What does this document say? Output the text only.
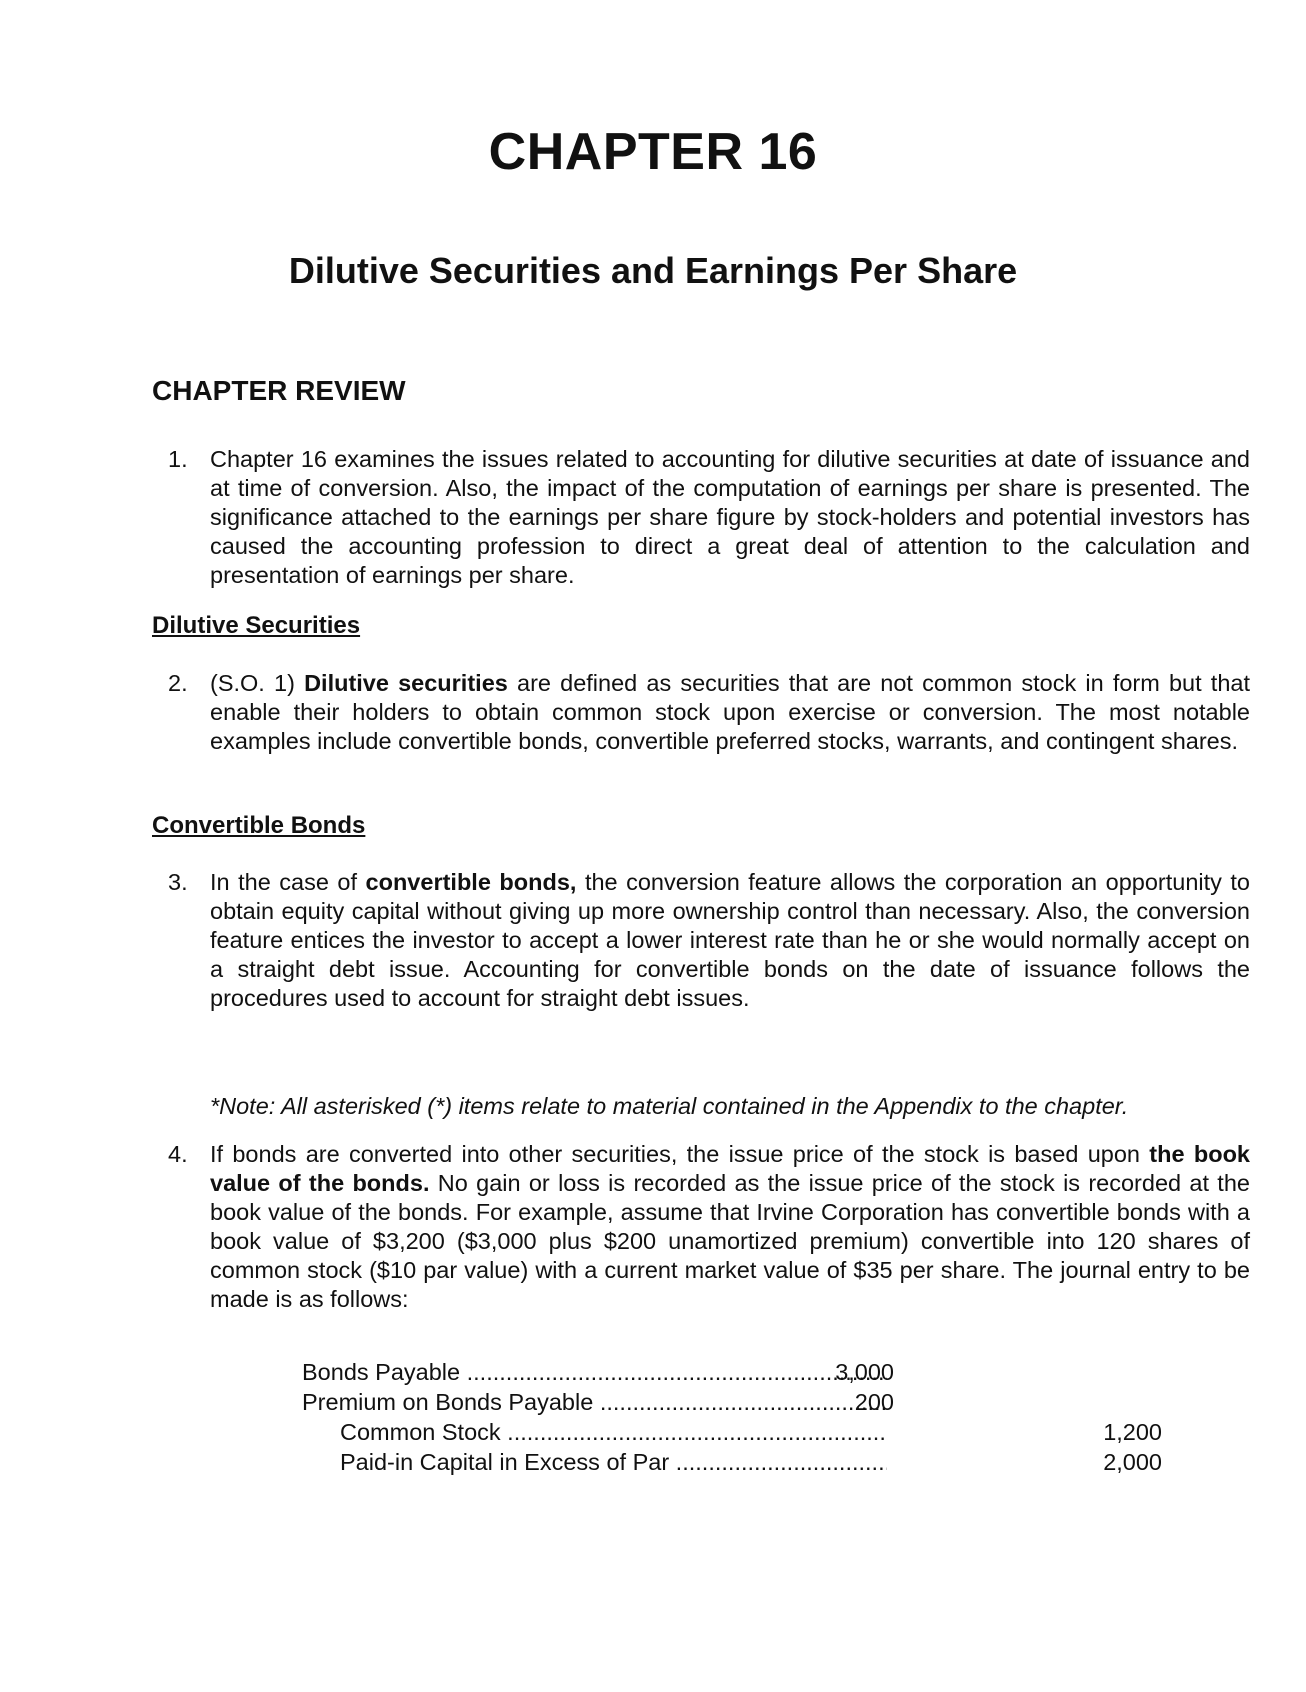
CHAPTER 16
Dilutive Securities and Earnings Per Share
CHAPTER REVIEW
1. Chapter 16 examines the issues related to accounting for dilutive securities at date of issuance and at time of conversion. Also, the impact of the computation of earnings per share is presented. The significance attached to the earnings per share figure by stock-holders and potential investors has caused the accounting profession to direct a great deal of attention to the calculation and presentation of earnings per share.
Dilutive Securities
2. (S.O. 1) Dilutive securities are defined as securities that are not common stock in form but that enable their holders to obtain common stock upon exercise or conversion. The most notable examples include convertible bonds, convertible preferred stocks, warrants, and contingent shares.
Convertible Bonds
3. In the case of convertible bonds, the conversion feature allows the corporation an opportunity to obtain equity capital without giving up more ownership control than necessary. Also, the conversion feature entices the investor to accept a lower interest rate than he or she would normally accept on a straight debt issue. Accounting for convertible bonds on the date of issuance follows the procedures used to account for straight debt issues.
*Note: All asterisked (*) items relate to material contained in the Appendix to the chapter.
4. If bonds are converted into other securities, the issue price of the stock is based upon the book value of the bonds. No gain or loss is recorded as the issue price of the stock is recorded at the book value of the bonds. For example, assume that Irvine Corporation has convertible bonds with a book value of $3,200 ($3,000 plus $200 unamortized premium) convertible into 120 shares of common stock ($10 par value) with a current market value of $35 per share. The journal entry to be made is as follows:
Bonds Payable .....	3,000
Premium on Bonds Payable .....	200
Common Stock .....	1,200
Paid-in Capital in Excess of Par .....	2,000
